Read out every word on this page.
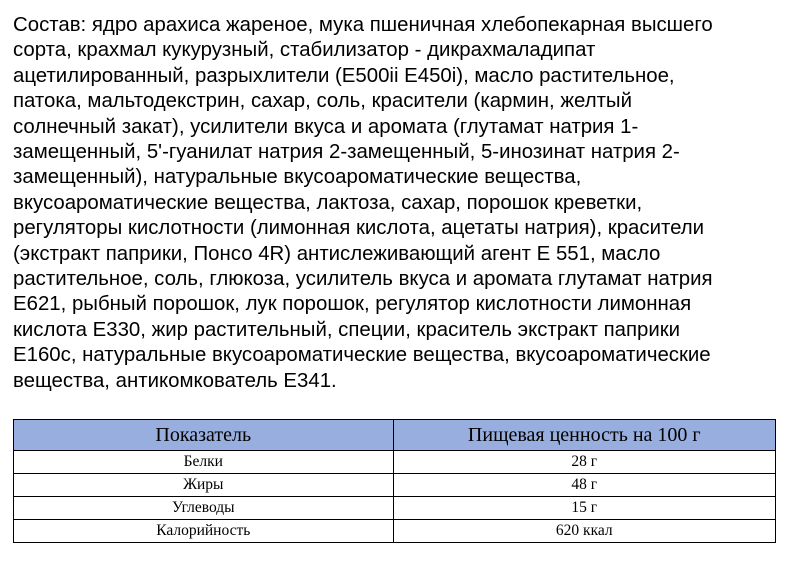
Состав: ядро арахиса жареное, мука пшеничная хлебопекарная высшего
сорта, крахмал кукурузный, стабилизатор - дикрахмаладипат
ацетилированный, разрыхлители (Е500ii Е450i), масло растительное,
патока, мальтодекстрин, сахар, соль, красители (кармин, желтый
солнечный закат), усилители вкуса и аромата (глутамат натрия 1-
замещенный, 5'-гуанилат натрия 2-замещенный, 5-инозинат натрия 2-
замещенный), натуральные вкусоароматические вещества,
вкусоароматические вещества, лактоза, сахар, порошок креветки,
регуляторы кислотности (лимонная кислота, ацетаты натрия), красители
(экстракт паприки, Понсо 4R) антислеживающий агент Е 551, масло
растительное, соль, глюкоза, усилитель вкуса и аромата глутамат натрия
Е621, рыбный порошок, лук порошок, регулятор кислотности лимонная
кислота Е330, жир растительный, специи, краситель экстракт паприки
Е160с, натуральные вкусоароматические вещества, вкусоароматические
вещества, антикомкователь Е341.
Показатель	Пищевая ценность на 100 г
Белки	28 г
Жиры	48 г
Углеводы	15 г
Калорийность	620 ккал
